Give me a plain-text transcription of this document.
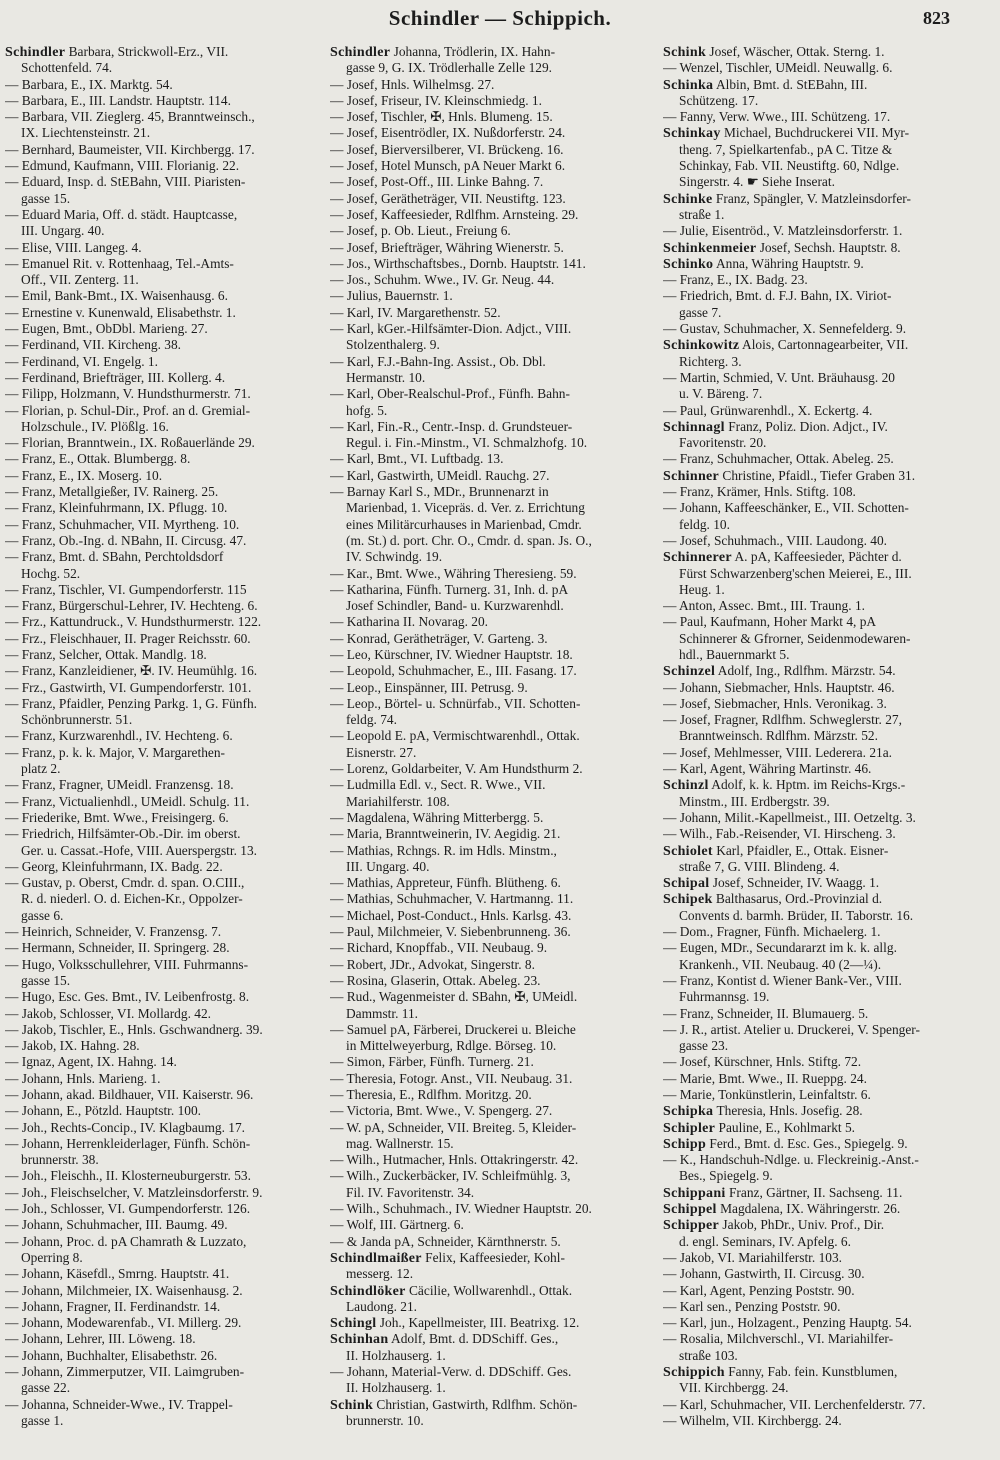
Schindler — Schippich.	823
Schindler Barbara, Strickwoll-Erz., VII.
Schottenfeld. 74.
— Barbara, E., IX. Marktg. 54.
— Barbara, E., III. Landstr. Hauptstr. 114.
— Barbara, VII. Zieglerg. 45, Branntweinsch.,
IX. Liechtensteinstr. 21.
— Bernhard, Baumeister, VII. Kirchbergg. 17.
— Edmund, Kaufmann, VIII. Florianig. 22.
— Eduard, Insp. d. StEBahn, VIII. Piaristen-
gasse 15.
— Eduard Maria, Off. d. städt. Hauptcasse,
III. Ungarg. 40.
— Elise, VIII. Langeg. 4.
— Emanuel Rit. v. Rottenhaag, Tel.-Amts-
Off., VII. Zenterg. 11.
— Emil, Bank-Bmt., IX. Waisenhausg. 6.
— Ernestine v. Kunenwald, Elisabethstr. 1.
— Eugen, Bmt., ObDbl. Marieng. 27.
— Ferdinand, VII. Kircheng. 38.
— Ferdinand, VI. Engelg. 1.
— Ferdinand, Briefträger, III. Kollerg. 4.
— Filipp, Holzmann, V. Hundsthurmerstr. 71.
— Florian, p. Schul-Dir., Prof. an d. Gremial-
Holzschule., IV. Plößlg. 16.
— Florian, Branntwein., IX. Roßauerlände 29.
— Franz, E., Ottak. Blumbergg. 8.
— Franz, E., IX. Moserg. 10.
— Franz, Metallgießer, IV. Rainerg. 25.
— Franz, Kleinfuhrmann, IX. Pflugg. 10.
— Franz, Schuhmacher, VII. Myrtheng. 10.
— Franz, Ob.-Ing. d. NBahn, II. Circusg. 47.
— Franz, Bmt. d. SBahn, Perchtoldsdorf
Hochg. 52.
— Franz, Tischler, VI. Gumpendorferstr. 115
— Franz, Bürgerschul-Lehrer, IV. Hechteng. 6.
— Frz., Kattundruck., V. Hundsthurmerstr. 122.
— Frz., Fleischhauer, II. Prager Reichsstr. 60.
— Franz, Selcher, Ottak. Mandlg. 18.
— Franz, Kanzleidiener, ✠. IV. Heumühlg. 16.
— Frz., Gastwirth, VI. Gumpendorferstr. 101.
— Franz, Pfaidler, Penzing Parkg. 1, G. Fünfh.
Schönbrunnerstr. 51.
— Franz, Kurzwarenhdl., IV. Hechteng. 6.
— Franz, p. k. k. Major, V. Margarethen-
platz 2.
— Franz, Fragner, UMeidl. Franzensg. 18.
— Franz, Victualienhdl., UMeidl. Schulg. 11.
— Friederike, Bmt. Wwe., Freisingerg. 6.
— Friedrich, Hilfsämter-Ob.-Dir. im oberst.
Ger. u. Cassat.-Hofe, VIII. Auerspergstr. 13.
— Georg, Kleinfuhrmann, IX. Badg. 22.
— Gustav, p. Oberst, Cmdr. d. span. O.CIII.,
R. d. niederl. O. d. Eichen-Kr., Oppolzer-
gasse 6.
— Heinrich, Schneider, V. Franzensg. 7.
— Hermann, Schneider, II. Springerg. 28.
— Hugo, Volksschullehrer, VIII. Fuhrmanns-
gasse 15.
— Hugo, Esc. Ges. Bmt., IV. Leibenfrostg. 8.
— Jakob, Schlosser, VI. Mollardg. 42.
— Jakob, Tischler, E., Hnls. Gschwandnerg. 39.
— Jakob, IX. Hahng. 28.
— Ignaz, Agent, IX. Hahng. 14.
— Johann, Hnls. Marieng. 1.
— Johann, akad. Bildhauer, VII. Kaiserstr. 96.
— Johann, E., Pötzld. Hauptstr. 100.
— Joh., Rechts-Concip., IV. Klagbaumg. 17.
— Johann, Herrenkleiderlager, Fünfh. Schön-
brunnerstr. 38.
— Joh., Fleischh., II. Klosterneuburgerstr. 53.
— Joh., Fleischselcher, V. Matzleinsdorferstr. 9.
— Joh., Schlosser, VI. Gumpendorferstr. 126.
— Johann, Schuhmacher, III. Baumg. 49.
— Johann, Proc. d. pA Chamrath & Luzzato,
Operring 8.
— Johann, Käsefdl., Smrng. Hauptstr. 41.
— Johann, Milchmeier, IX. Waisenhausg. 2.
— Johann, Fragner, II. Ferdinandstr. 14.
— Johann, Modewarenfab., VI. Millerg. 29.
— Johann, Lehrer, III. Löweng. 18.
— Johann, Buchhalter, Elisabethstr. 26.
— Johann, Zimmerputzer, VII. Laimgruben-
gasse 22.
— Johanna, Schneider-Wwe., IV. Trappel-
gasse 1.
Schindler Johanna, Trödlerin, IX. Hahn-
gasse 9, G. IX. Trödlerhalle Zelle 129.
— Josef, Hnls. Wilhelmsg. 27.
— Josef, Friseur, IV. Kleinschmiedg. 1.
— Josef, Tischler, ✠, Hnls. Blumeng. 15.
— Josef, Eisentrödler, IX. Nußdorferstr. 24.
— Josef, Bierversilberer, VI. Brückeng. 16.
— Josef, Hotel Munsch, pA Neuer Markt 6.
— Josef, Post-Off., III. Linke Bahng. 7.
— Josef, Gerätheträger, VII. Neustiftg. 123.
— Josef, Kaffeesieder, Rdlfhm. Arnsteing. 29.
— Josef, p. Ob. Lieut., Freiung 6.
— Josef, Briefträger, Währing Wienerstr. 5.
— Jos., Wirthschaftsbes., Dornb. Hauptstr. 141.
— Jos., Schuhm. Wwe., IV. Gr. Neug. 44.
— Julius, Bauernstr. 1.
— Karl, IV. Margarethenstr. 52.
— Karl, kGer.-Hilfsämter-Dion. Adjct., VIII.
Stolzenthalerg. 9.
— Karl, F.J.-Bahn-Ing. Assist., Ob. Dbl.
Hermanstr. 10.
— Karl, Ober-Realschul-Prof., Fünfh. Bahn-
hofg. 5.
— Karl, Fin.-R., Centr.-Insp. d. Grundsteuer-
Regul. i. Fin.-Minstm., VI. Schmalzhofg. 10.
— Karl, Bmt., VI. Luftbadg. 13.
— Karl, Gastwirth, UMeidl. Rauchg. 27.
— Barnay Karl S., MDr., Brunnenarzt in
Marienbad, 1. Vicepräs. d. Ver. z. Errichtung
eines Militärcurhauses in Marienbad, Cmdr.
(m. St.) d. port. Chr. O., Cmdr. d. span. Js. O.,
IV. Schwindg. 19.
— Kar., Bmt. Wwe., Währing Theresieng. 59.
— Katharina, Fünfh. Turnerg. 31, Inh. d. pA
Josef Schindler, Band- u. Kurzwarenhdl.
— Katharina II. Novarag. 20.
— Konrad, Gerätheträger, V. Garteng. 3.
— Leo, Kürschner, IV. Wiedner Hauptstr. 18.
— Leopold, Schuhmacher, E., III. Fasang. 17.
— Leop., Einspänner, III. Petrusg. 9.
— Leop., Börtel- u. Schnürfab., VII. Schotten-
feldg. 74.
— Leopold E. pA, Vermischtwarenhdl., Ottak.
Eisnerstr. 27.
— Lorenz, Goldarbeiter, V. Am Hundsthurm 2.
— Ludmilla Edl. v., Sect. R. Wwe., VII.
Mariahilferstr. 108.
— Magdalena, Währing Mitterbergg. 5.
— Maria, Branntweinerin, IV. Aegidig. 21.
— Mathias, Rchngs. R. im Hdls. Minstm.,
III. Ungarg. 40.
— Mathias, Appreteur, Fünfh. Blütheng. 6.
— Mathias, Schuhmacher, V. Hartmanng. 11.
— Michael, Post-Conduct., Hnls. Karlsg. 43.
— Paul, Milchmeier, V. Siebenbrunneng. 36.
— Richard, Knopffab., VII. Neubaug. 9.
— Robert, JDr., Advokat, Singerstr. 8.
— Rosina, Glaserin, Ottak. Abeleg. 23.
— Rud., Wagenmeister d. SBahn, ✠, UMeidl.
Dammstr. 11.
— Samuel pA, Färberei, Druckerei u. Bleiche
in Mittelweyerburg, Rdlge. Börseg. 10.
— Simon, Färber, Fünfh. Turnerg. 21.
— Theresia, Fotogr. Anst., VII. Neubaug. 31.
— Theresia, E., Rdlfhm. Moritzg. 20.
— Victoria, Bmt. Wwe., V. Spengerg. 27.
— W. pA, Schneider, VII. Breiteg. 5, Kleider-
mag. Wallnerstr. 15.
— Wilh., Hutmacher, Hnls. Ottakringerstr. 42.
— Wilh., Zuckerbäcker, IV. Schleifmühlg. 3,
Fil. IV. Favoritenstr. 34.
— Wilh., Schuhmach., IV. Wiedner Hauptstr. 20.
— Wolf, III. Gärtnerg. 6.
— & Janda pA, Schneider, Kärnthnerstr. 5.
Schindlmaißer Felix, Kaffeesieder, Kohl-
messerg. 12.
Schindlöker Cäcilie, Wollwarenhdl., Ottak.
Laudong. 21.
Schingl Joh., Kapellmeister, III. Beatrixg. 12.
Schinhan Adolf, Bmt. d. DDSchiff. Ges.,
II. Holzhauserg. 1.
— Johann, Material-Verw. d. DDSchiff. Ges.
II. Holzhauserg. 1.
Schink Christian, Gastwirth, Rdlfhm. Schön-
brunnerstr. 10.
Schink Josef, Wäscher, Ottak. Sterng. 1.
— Wenzel, Tischler, UMeidl. Neuwallg. 6.
Schinka Albin, Bmt. d. StEBahn, III.
Schützeng. 17.
— Fanny, Verw. Wwe., III. Schützeng. 17.
Schinkay Michael, Buchdruckerei VII. Myr-
theng. 7, Spielkartenfab., pA C. Titze &
Schinkay, Fab. VII. Neustiftg. 60, Ndlge.
Singerstr. 4. ☛ Siehe Inserat.
Schinke Franz, Spängler, V. Matzleinsdorfer-
straße 1.
— Julie, Eisentröd., V. Matzleinsdorferstr. 1.
Schinkenmeier Josef, Sechsh. Hauptstr. 8.
Schinko Anna, Währing Hauptstr. 9.
— Franz, E., IX. Badg. 23.
— Friedrich, Bmt. d. F.J. Bahn, IX. Viriot-
gasse 7.
— Gustav, Schuhmacher, X. Sennefelderg. 9.
Schinkowitz Alois, Cartonnagearbeiter, VII.
Richterg. 3.
— Martin, Schmied, V. Unt. Bräuhausg. 20
u. V. Bäreng. 7.
— Paul, Grünwarenhdl., X. Eckertg. 4.
Schinnagl Franz, Poliz. Dion. Adjct., IV.
Favoritenstr. 20.
— Franz, Schuhmacher, Ottak. Abeleg. 25.
Schinner Christine, Pfaidl., Tiefer Graben 31.
— Franz, Krämer, Hnls. Stiftg. 108.
— Johann, Kaffeeschänker, E., VII. Schotten-
feldg. 10.
— Josef, Schuhmach., VIII. Laudong. 40.
Schinnerer A. pA, Kaffeesieder, Pächter d.
Fürst Schwarzenberg'schen Meierei, E., III.
Heug. 1.
— Anton, Assec. Bmt., III. Traung. 1.
— Paul, Kaufmann, Hoher Markt 4, pA
Schinnerer & Gfrorner, Seidenmodewaren-
hdl., Bauernmarkt 5.
Schinzel Adolf, Ing., Rdlfhm. Märzstr. 54.
— Johann, Siebmacher, Hnls. Hauptstr. 46.
— Josef, Siebmacher, Hnls. Veronikag. 3.
— Josef, Fragner, Rdlfhm. Schweglerstr. 27,
Branntweinsch. Rdlfhm. Märzstr. 52.
— Josef, Mehlmesser, VIII. Lederera. 21a.
— Karl, Agent, Währing Martinstr. 46.
Schinzl Adolf, k. k. Hptm. im Reichs-Krgs.-
Minstm., III. Erdbergstr. 39.
— Johann, Milit.-Kapellmeist., III. Oetzeltg. 3.
— Wilh., Fab.-Reisender, VI. Hirscheng. 3.
Schiolet Karl, Pfaidler, E., Ottak. Eisner-
straße 7, G. VIII. Blindeng. 4.
Schipal Josef, Schneider, IV. Waagg. 1.
Schipek Balthasarus, Ord.-Provinzial d.
Convents d. barmh. Brüder, II. Taborstr. 16.
— Dom., Fragner, Fünfh. Michaelerg. 1.
— Eugen, MDr., Secundararzt im k. k. allg.
Krankenh., VII. Neubaug. 40 (2—¼).
— Franz, Kontist d. Wiener Bank-Ver., VIII.
Fuhrmannsg. 19.
— Franz, Schneider, II. Blumauerg. 5.
— J. R., artist. Atelier u. Druckerei, V. Spenger-
gasse 23.
— Josef, Kürschner, Hnls. Stiftg. 72.
— Marie, Bmt. Wwe., II. Rueppg. 24.
— Marie, Tonkünstlerin, Leinfaltstr. 6.
Schipka Theresia, Hnls. Josefig. 28.
Schipler Pauline, E., Kohlmarkt 5.
Schipp Ferd., Bmt. d. Esc. Ges., Spiegelg. 9.
— K., Handschuh-Ndlge. u. Fleckreinig.-Anst.-
Bes., Spiegelg. 9.
Schippani Franz, Gärtner, II. Sachseng. 11.
Schippel Magdalena, IX. Währingerstr. 26.
Schipper Jakob, PhDr., Univ. Prof., Dir.
d. engl. Seminars, IV. Apfelg. 6.
— Jakob, VI. Mariahilferstr. 103.
— Johann, Gastwirth, II. Circusg. 30.
— Karl, Agent, Penzing Poststr. 90.
— Karl sen., Penzing Poststr. 90.
— Karl, jun., Holzagent., Penzing Hauptg. 54.
— Rosalia, Milchverschl., VI. Mariahilfer-
straße 103.
Schippich Fanny, Fab. fein. Kunstblumen,
VII. Kirchbergg. 24.
— Karl, Schuhmacher, VII. Lerchenfelderstr. 77.
— Wilhelm, VII. Kirchbergg. 24.
